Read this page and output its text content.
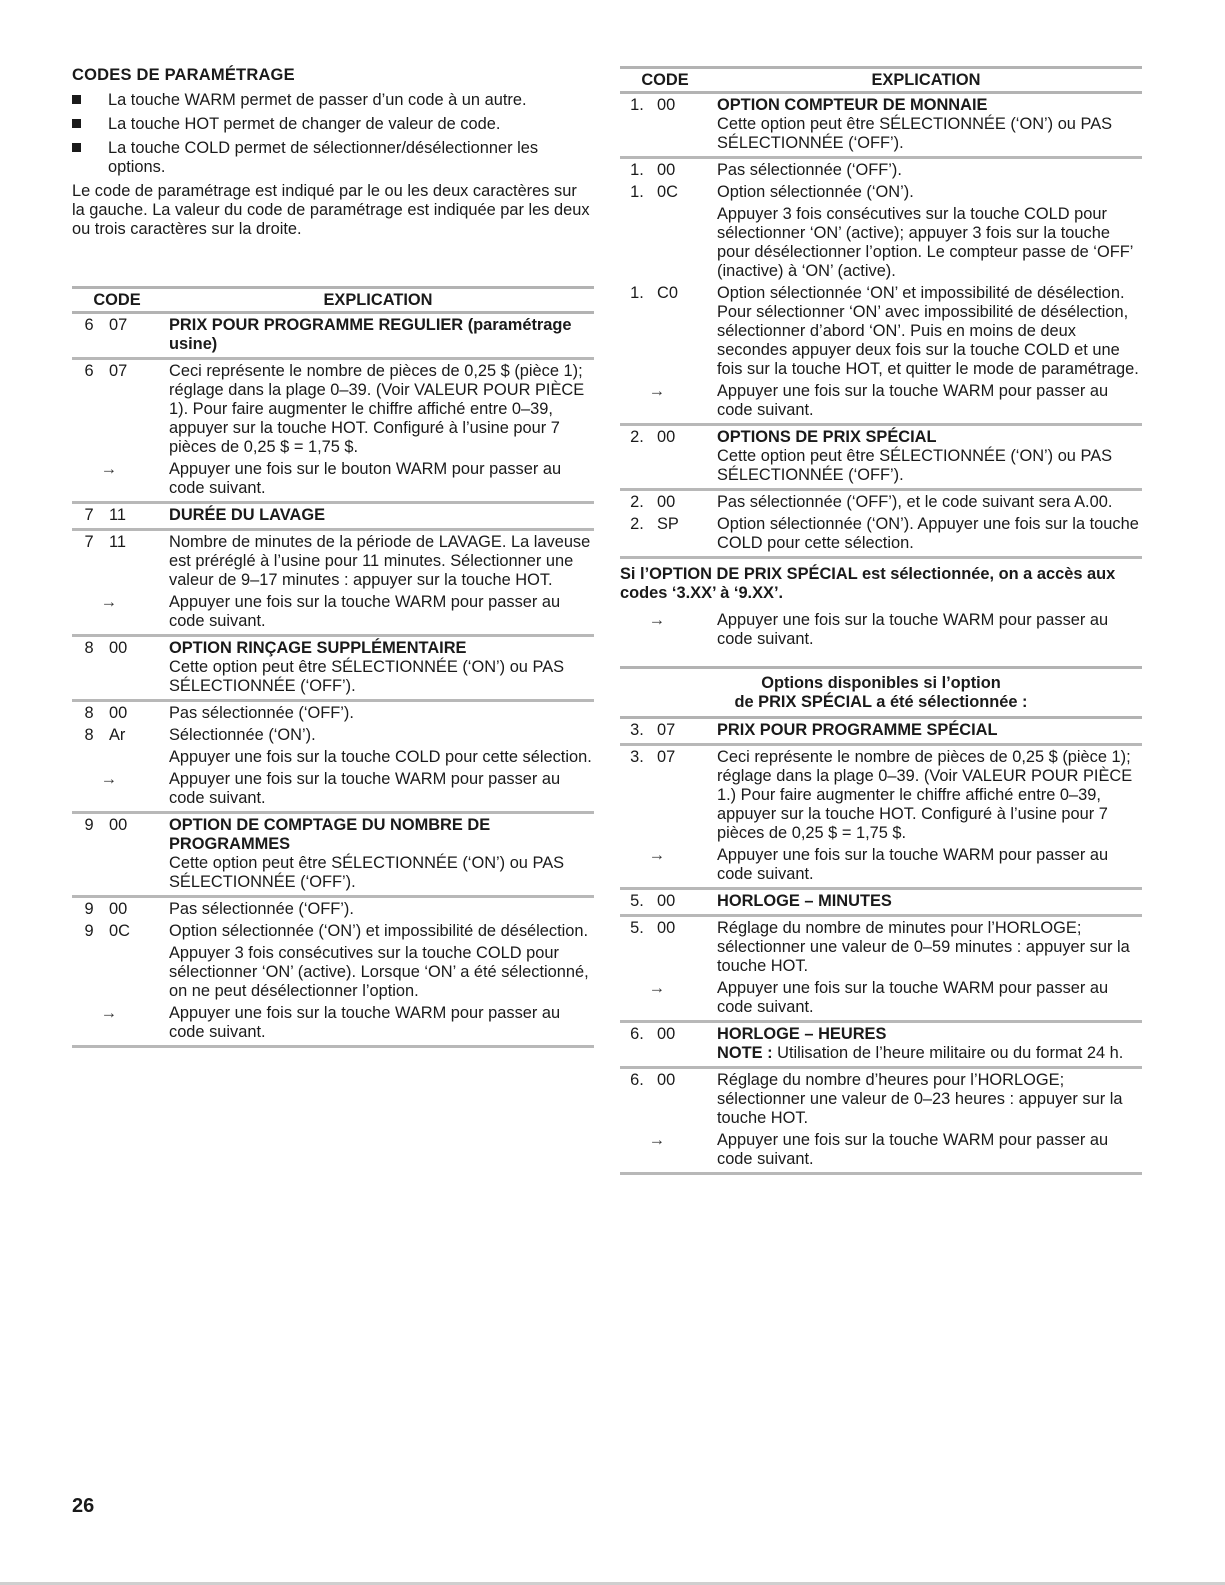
CODES DE PARAMÉTRAGE
La touche WARM permet de passer d’un code à un autre.
La touche HOT permet de changer de valeur de code.
La touche COLD permet de sélectionner/désélectionner les options.

Le code de paramétrage est indiqué par le ou les deux caractères sur la gauche. La valeur du code de paramétrage est indiquée par les deux ou trois caractères sur la droite.

CODE	EXPLICATION
6 07	PRIX POUR PROGRAMME REGULIER (paramétrage usine)
6 07	Ceci représente le nombre de pièces de 0,25 $ (pièce 1); réglage dans la plage 0–39. (Voir VALEUR POUR PIÈCE 1). Pour faire augmenter le chiffre affiché entre 0–39, appuyer sur la touche HOT. Configuré à l’usine pour 7 pièces de 0,25 $ = 1,75 $.
→	Appuyer une fois sur le bouton WARM pour passer au code suivant.
7 11	DURÉE DU LAVAGE
7 11	Nombre de minutes de la période de LAVAGE. La laveuse est préréglé à l’usine pour 11 minutes. Sélectionner une valeur de 9–17 minutes : appuyer sur la touche HOT.
→	Appuyer une fois sur la touche WARM pour passer au code suivant.
8 00	OPTION RINÇAGE SUPPLÉMENTAIRE
Cette option peut être SÉLECTIONNÉE (‘ON’) ou PAS SÉLECTIONNÉE (‘OFF’).
8 00	Pas sélectionnée (‘OFF’).
8 Ar	Sélectionnée (‘ON’).
Appuyer une fois sur la touche COLD pour cette sélection.
→	Appuyer une fois sur la touche WARM pour passer au code suivant.
9 00	OPTION DE COMPTAGE DU NOMBRE DE PROGRAMMES
Cette option peut être SÉLECTIONNÉE (‘ON’) ou PAS SÉLECTIONNÉE (‘OFF’).
9 00	Pas sélectionnée (‘OFF’).
9 0C	Option sélectionnée (‘ON’) et impossibilité de désélection.
Appuyer 3 fois consécutives sur la touche COLD pour sélectionner ‘ON’ (active). Lorsque ‘ON’ a été sélectionné, on ne peut désélectionner l’option.
→	Appuyer une fois sur la touche WARM pour passer au code suivant.
CODE	EXPLICATION
1. 00	OPTION COMPTEUR DE MONNAIE
Cette option peut être SÉLECTIONNÉE (‘ON’) ou PAS SÉLECTIONNÉE (‘OFF’).
1. 00	Pas sélectionnée (‘OFF’).
1. 0C	Option sélectionnée (‘ON’).
Appuyer 3 fois consécutives sur la touche COLD pour sélectionner ‘ON’ (active); appuyer 3 fois sur la touche pour désélectionner l’option. Le compteur passe de ‘OFF’ (inactive) à ‘ON’ (active).
1. C0	Option sélectionnée ‘ON’ et impossibilité de désélection. Pour sélectionner ‘ON’ avec impossibilité de désélection, sélectionner d’abord ‘ON’. Puis en moins de deux secondes appuyer deux fois sur la touche COLD et une fois sur la touche HOT, et quitter le mode de paramétrage.
→	Appuyer une fois sur la touche WARM pour passer au code suivant.
2. 00	OPTIONS DE PRIX SPÉCIAL
Cette option peut être SÉLECTIONNÉE (‘ON’) ou PAS SÉLECTIONNÉE (‘OFF’).
2. 00	Pas sélectionnée (‘OFF’), et le code suivant sera A.00.
2. SP	Option sélectionnée (‘ON’). Appuyer une fois sur la touche COLD pour cette sélection.
Si l’OPTION DE PRIX SPÉCIAL est sélectionnée, on a accès aux codes ‘3.XX’ à ‘9.XX’.
→	Appuyer une fois sur la touche WARM pour passer au code suivant.
Options disponibles si l’option
de PRIX SPÉCIAL a été sélectionnée :
3. 07	PRIX POUR PROGRAMME SPÉCIAL
3. 07	Ceci représente le nombre de pièces de 0,25 $ (pièce 1); réglage dans la plage 0–39. (Voir VALEUR POUR PIÈCE 1.) Pour faire augmenter le chiffre affiché entre 0–39, appuyer sur la touche HOT. Configuré à l’usine pour 7 pièces de 0,25 $ = 1,75 $.
→	Appuyer une fois sur la touche WARM pour passer au code suivant.
5. 00	HORLOGE – MINUTES
5. 00	Réglage du nombre de minutes pour l’HORLOGE; sélectionner une valeur de 0–59 minutes : appuyer sur la touche HOT.
→	Appuyer une fois sur la touche WARM pour passer au code suivant.
6. 00	HORLOGE – HEURES
NOTE : Utilisation de l’heure militaire ou du format 24 h.
6. 00	Réglage du nombre d’heures pour l’HORLOGE; sélectionner une valeur de 0–23 heures : appuyer sur la touche HOT.
→	Appuyer une fois sur la touche WARM pour passer au code suivant.
26
